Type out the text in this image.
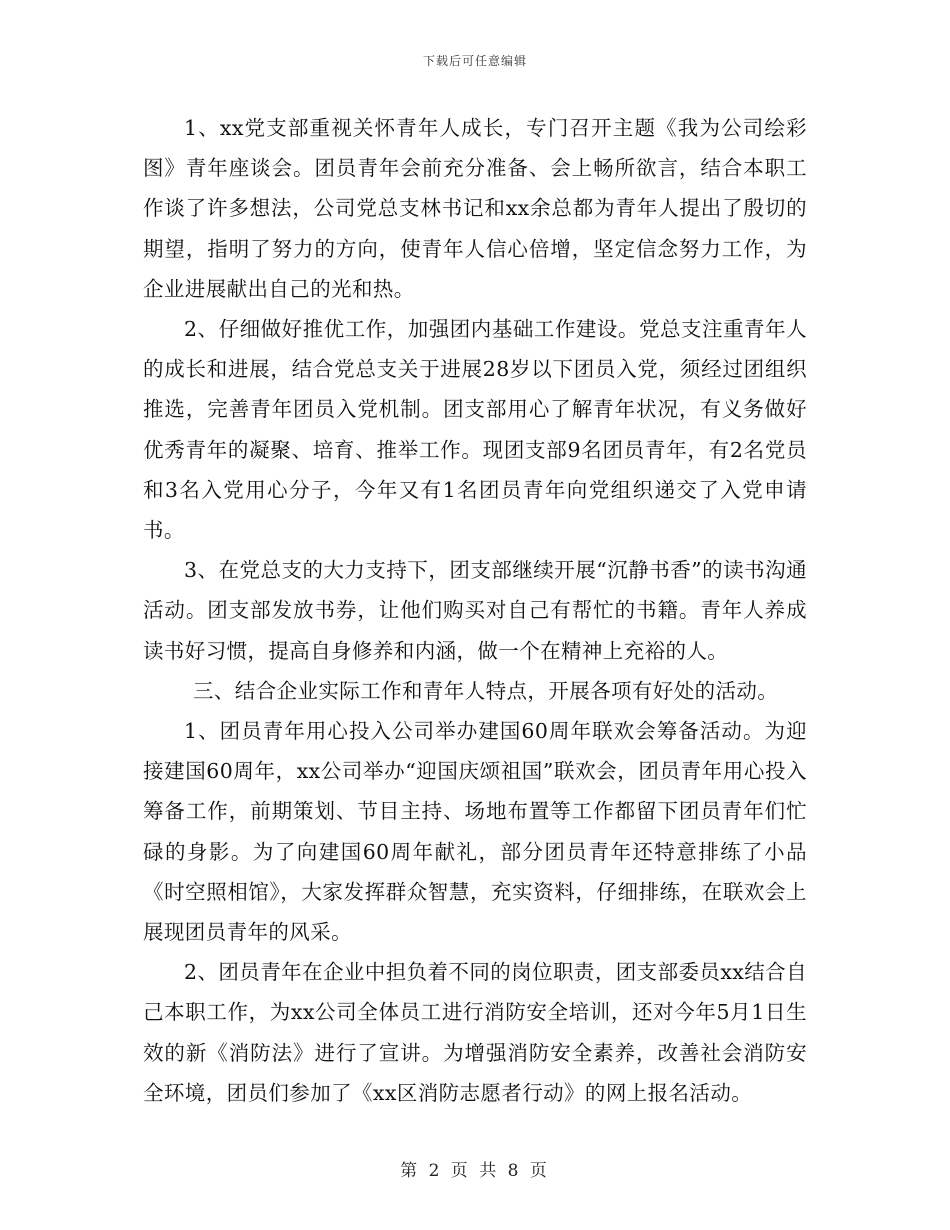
下载后可任意编辑

1、xx党支部重视关怀青年人成长，专门召开主题《我为公司绘彩图》青年座谈会。团员青年会前充分准备、会上畅所欲言，结合本职工作谈了许多想法，公司党总支林书记和xx余总都为青年人提出了殷切的期望，指明了努力的方向，使青年人信心倍增，坚定信念努力工作，为企业进展献出自己的光和热。

2、仔细做好推优工作，加强团内基础工作建设。党总支注重青年人的成长和进展，结合党总支关于进展28岁以下团员入党，须经过团组织推选，完善青年团员入党机制。团支部用心了解青年状况，有义务做好优秀青年的凝聚、培育、推举工作。现团支部9名团员青年，有2名党员和3名入党用心分子，今年又有1名团员青年向党组织递交了入党申请书。

3、在党总支的大力支持下，团支部继续开展“沉静书香”的读书沟通活动。团支部发放书券，让他们购买对自己有帮忙的书籍。青年人养成读书好习惯，提高自身修养和内涵，做一个在精神上充裕的人。

三、结合企业实际工作和青年人特点，开展各项有好处的活动。

1、团员青年用心投入公司举办建国60周年联欢会筹备活动。为迎接建国60周年，xx公司举办“迎国庆颂祖国”联欢会，团员青年用心投入筹备工作，前期策划、节目主持、场地布置等工作都留下团员青年们忙碌的身影。为了向建国60周年献礼，部分团员青年还特意排练了小品《时空照相馆》，大家发挥群众智慧，充实资料，仔细排练，在联欢会上展现团员青年的风采。

2、团员青年在企业中担负着不同的岗位职责，团支部委员xx结合自己本职工作，为xx公司全体员工进行消防安全培训，还对今年5月1日生效的新《消防法》进行了宣讲。为增强消防安全素养，改善社会消防安全环境，团员们参加了《xx区消防志愿者行动》的网上报名活动。

第 2 页 共 8 页
